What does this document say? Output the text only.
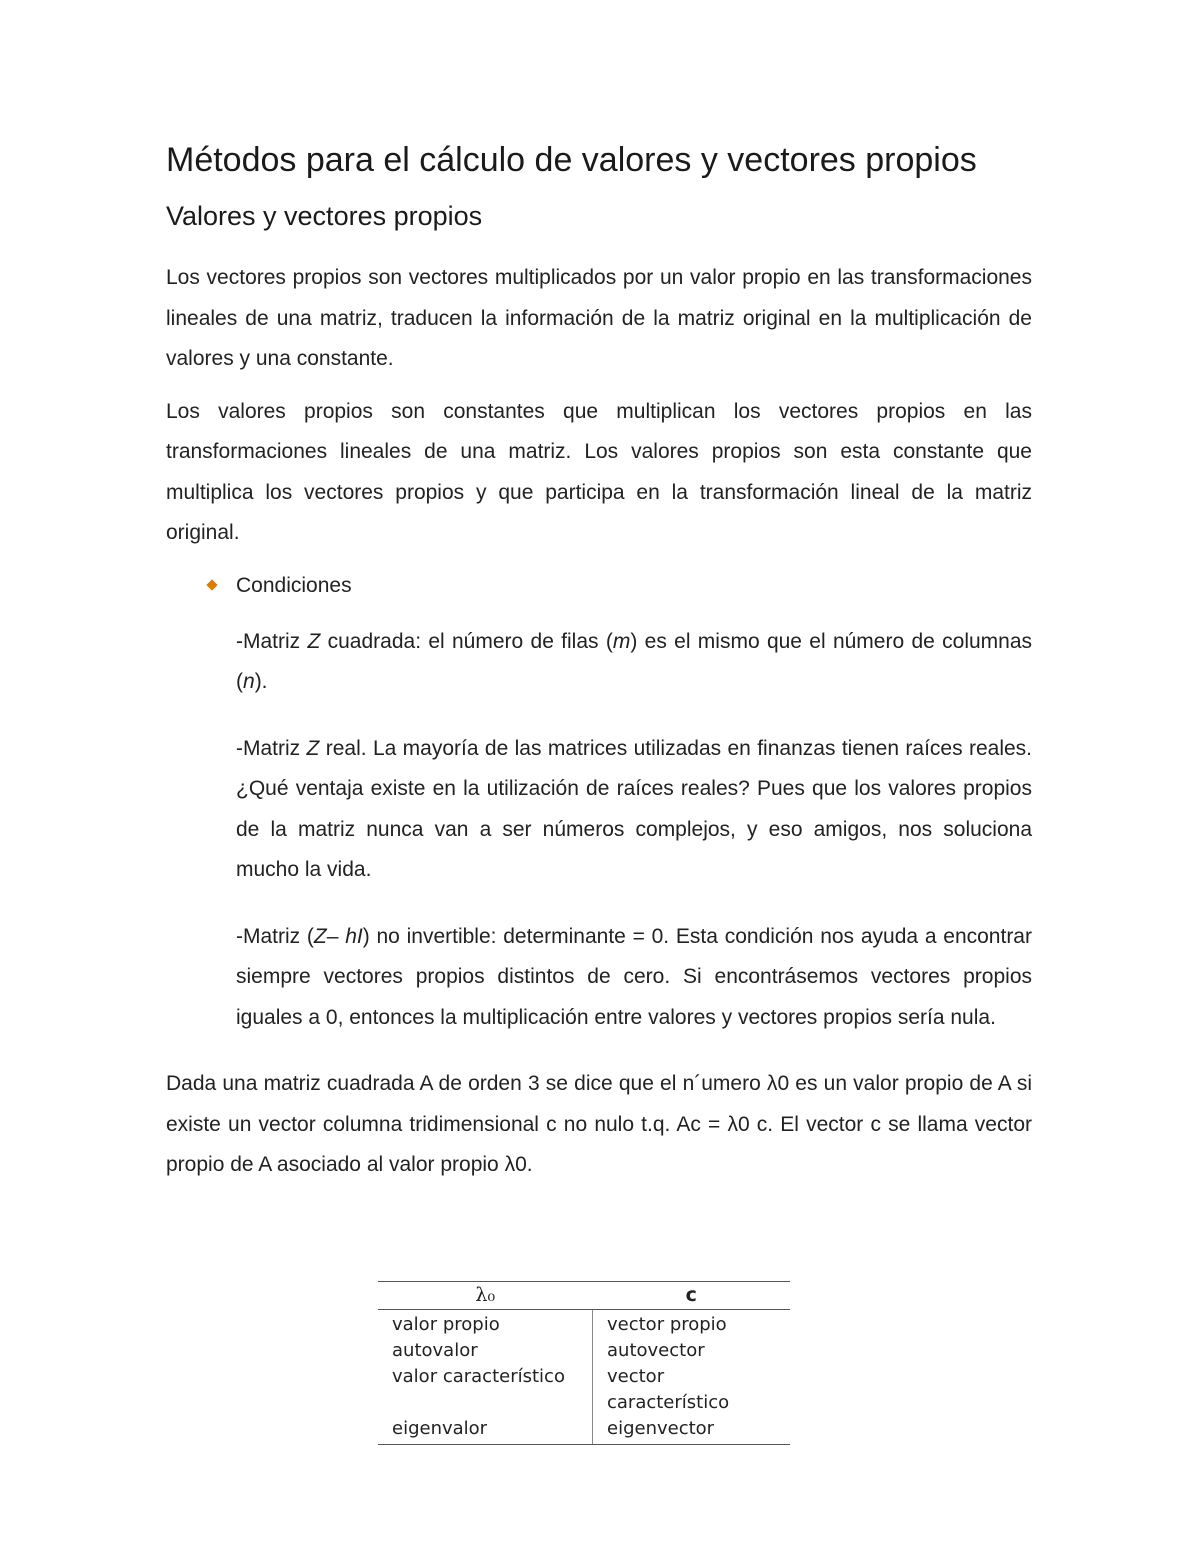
Métodos para el cálculo de valores y vectores propios
Valores y vectores propios

Los vectores propios son vectores multiplicados por un valor propio en las transformaciones lineales de una matriz, traducen la información de la matriz original en la multiplicación de valores y una constante.

Los valores propios son constantes que multiplican los vectores propios en las transformaciones lineales de una matriz. Los valores propios son esta constante que multiplica los vectores propios y que participa en la transformación lineal de la matriz original.

Condiciones
-Matriz Z cuadrada: el número de filas (m) es el mismo que el número de columnas (n).
-Matriz Z real. La mayoría de las matrices utilizadas en finanzas tienen raíces reales. ¿Qué ventaja existe en la utilización de raíces reales? Pues que los valores propios de la matriz nunca van a ser números complejos, y eso amigos, nos soluciona mucho la vida.
-Matriz (Z– hI) no invertible: determinante = 0. Esta condición nos ayuda a encontrar siempre vectores propios distintos de cero. Si encontrásemos vectores propios iguales a 0, entonces la multiplicación entre valores y vectores propios sería nula.

Dada una matriz cuadrada A de orden 3 se dice que el n´umero λ0 es un valor propio de A si existe un vector columna tridimensional c no nulo t.q. Ac = λ0 c. El vector c se llama vector propio de A asociado al valor propio λ0.

λ₀	c
valor propio	vector propio
autovalor	autovector
valor característico	vector característico
eigenvalor	eigenvector
